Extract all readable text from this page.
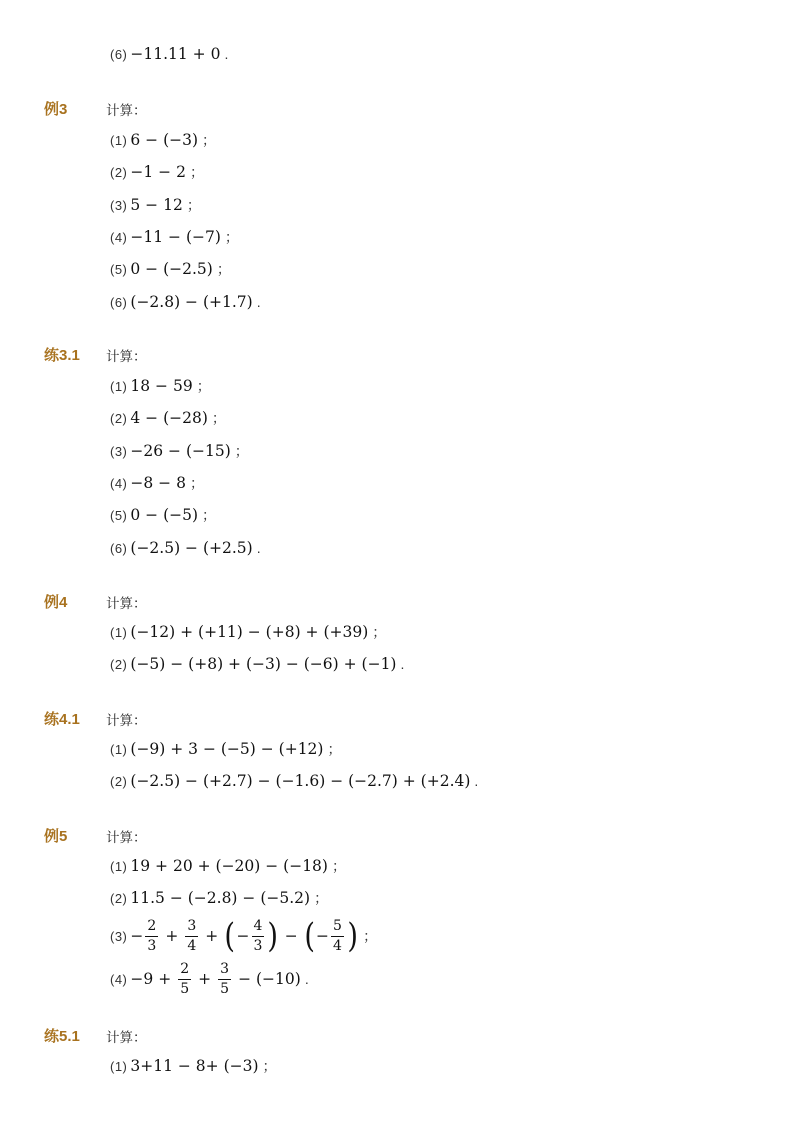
(6) −11.11 + 0 .
例3	计算：
(1) 6 − (−3) ；
(2) −1 − 2 ；
(3) 5 − 12 ；
(4) −11 − (−7) ；
(5) 0 − (−2.5) ；
(6) (−2.8) − (+1.7) .
练3.1 计算：
(1) 18 − 59 ；
(2) 4 − (−28) ；
(3) −26 − (−15) ；
(4) −8 − 8 ；
(5) 0 − (−5) ；
(6) (−2.5) − (+2.5) .
例4	计算：
(1) (−12) + (+11) − (+8) + (+39) ；
(2) (−5) − (+8) + (−3) − (−6) + (−1) .
练4.1 计算：
(1) (−9) + 3 − (−5) − (+12) ；
(2) (−2.5) − (+2.7) − (−1.6) − (−2.7) + (+2.4) .
例5	计算：
(1) 19 + 20 + (−20) − (−18) ；
(2) 11.5 − (−2.8) − (−5.2) ；
$(3) - \frac{2}{3} + \frac{3}{4}$ + ( − $\frac{4}{3}$ ) − ( − $\frac{5}{4}$ ) ；
$(4) -9 + \frac{2}{5} + \frac{3}{5} - (-10)$ .
练5.1 计算：
(1) 3+11 − 8+ (−3) ；
